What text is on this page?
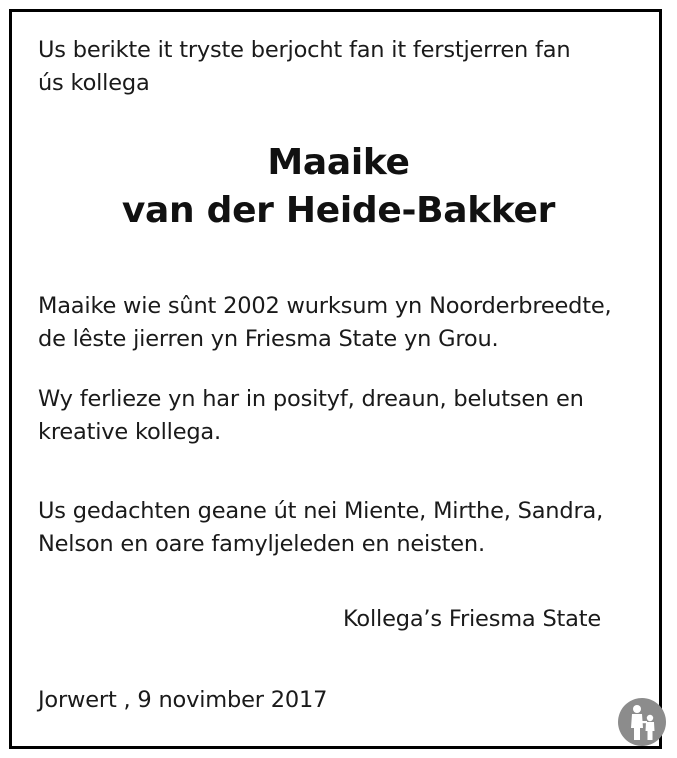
Us berikte it tryste berjocht fan it ferstjerren fan
ús kollega
Maaike
van der Heide-Bakker
Maaike wie sûnt 2002 wurksum yn Noorderbreedte,
de lêste jierren yn Friesma State yn Grou.
Wy ferlieze yn har in posityf, dreaun, belutsen en
kreative kollega.
Us gedachten geane út nei Miente, Mirthe, Sandra,
Nelson en oare famyljeleden en neisten.
Kollega’s Friesma State
Jorwert , 9 novimber 2017
